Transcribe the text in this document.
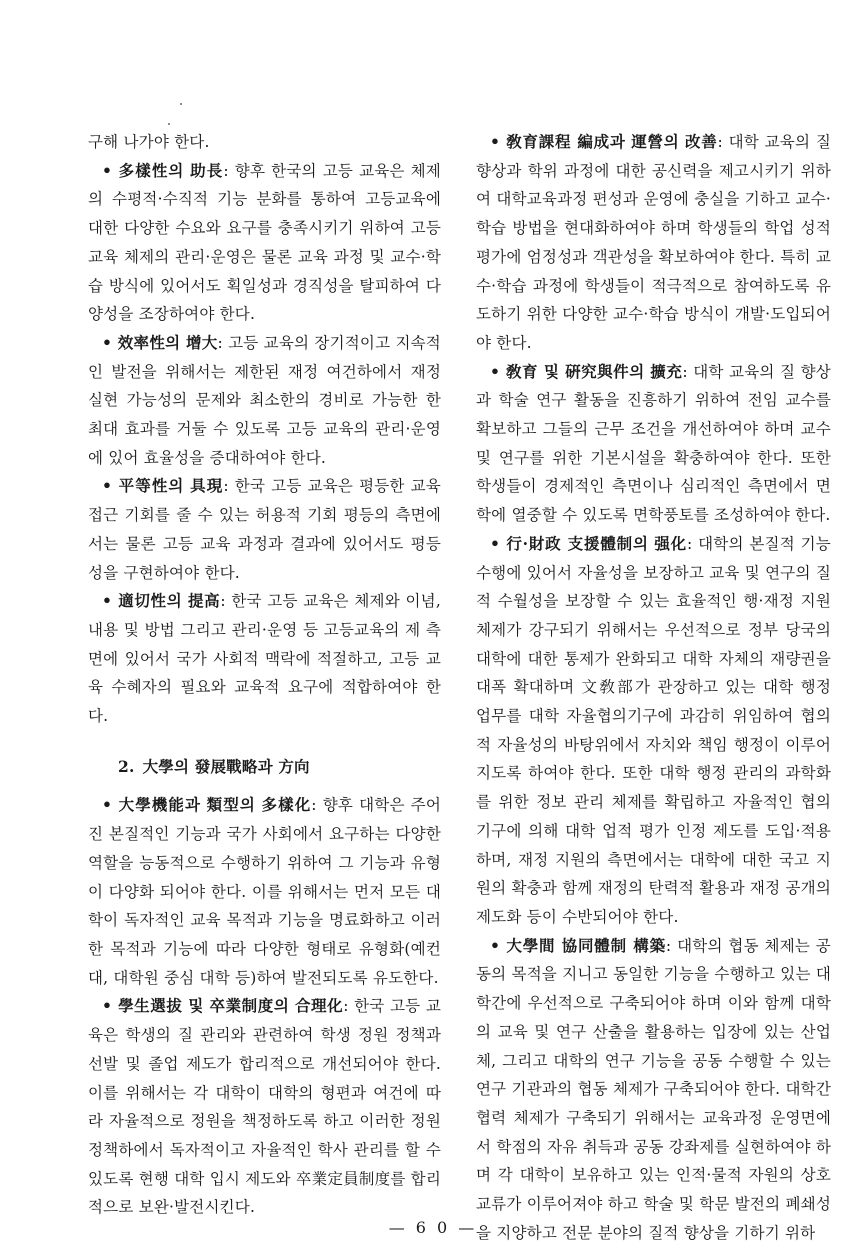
구해 나가야 한다.

• 多樣性의 助長: 향후 한국의 고등 교육은 체제의 수평적·수직적 기능 분화를 통하여 고등교육에 대한 다양한 수요와 요구를 충족시키기 위하여 고등 교육 체제의 관리·운영은 물론 교육 과정 및 교수·학습 방식에 있어서도 획일성과 경직성을 탈피하여 다양성을 조장하여야 한다.

• 效率性의 增大: 고등 교육의 장기적이고 지속적인 발전을 위해서는 제한된 재정 여건하에서 재정 실현 가능성의 문제와 최소한의 경비로 가능한 한 최대 효과를 거둘 수 있도록 고등 교육의 관리·운영에 있어 효율성을 증대하여야 한다.

• 平等性의 具現: 한국 고등 교육은 평등한 교육 접근 기회를 줄 수 있는 허용적 기회 평등의 측면에서는 물론 고등 교육 과정과 결과에 있어서도 평등성을 구현하여야 한다.

• 適切性의 提高: 한국 고등 교육은 체제와 이념, 내용 및 방법 그리고 관리·운영 등 고등교육의 제 측면에 있어서 국가 사회적 맥락에 적절하고, 고등 교육 수혜자의 필요와 교육적 요구에 적합하여야 한다.

2. 大學의 發展戰略과 方向

• 大學機能과 類型의 多樣化: 향후 대학은 주어진 본질적인 기능과 국가 사회에서 요구하는 다양한 역할을 능동적으로 수행하기 위하여 그 기능과 유형이 다양화 되어야 한다. 이를 위해서는 먼저 모든 대학이 독자적인 교육 목적과 기능을 명료화하고 이러한 목적과 기능에 따라 다양한 형태로 유형화(예컨대, 대학원 중심 대학 등)하여 발전되도록 유도한다.

• 學生選拔 및 卒業制度의 合理化: 한국 고등 교육은 학생의 질 관리와 관련하여 학생 정원 정책과 선발 및 졸업 제도가 합리적으로 개선되어야 한다. 이를 위해서는 각 대학이 대학의 형편과 여건에 따라 자율적으로 정원을 책정하도록 하고 이러한 정원 정책하에서 독자적이고 자율적인 학사 관리를 할 수 있도록 현행 대학 입시 제도와 卒業定員制度를 합리적으로 보완·발전시킨다.

• 敎育課程 編成과 運營의 改善: 대학 교육의 질 향상과 학위 과정에 대한 공신력을 제고시키기 위하여 대학교육과정 편성과 운영에 충실을 기하고 교수·학습 방법을 현대화하여야 하며 학생들의 학업 성적 평가에 엄정성과 객관성을 확보하여야 한다. 특히 교수·학습 과정에 학생들이 적극적으로 참여하도록 유도하기 위한 다양한 교수·학습 방식이 개발·도입되어야 한다.

• 敎育 및 硏究與件의 擴充: 대학 교육의 질 향상과 학술 연구 활동을 진흥하기 위하여 전임 교수를 확보하고 그들의 근무 조건을 개선하여야 하며 교수 및 연구를 위한 기본시설을 확충하여야 한다. 또한 학생들이 경제적인 측면이나 심리적인 측면에서 면학에 열중할 수 있도록 면학풍토를 조성하여야 한다.

• 行·財政 支援體制의 强化: 대학의 본질적 기능 수행에 있어서 자율성을 보장하고 교육 및 연구의 질적 수월성을 보장할 수 있는 효율적인 행·재정 지원 체제가 강구되기 위해서는 우선적으로 정부 당국의 대학에 대한 통제가 완화되고 대학 자체의 재량권을 대폭 확대하며 文敎部가 관장하고 있는 대학 행정 업무를 대학 자율협의기구에 과감히 위임하여 협의적 자율성의 바탕위에서 자치와 책임 행정이 이루어지도록 하여야 한다. 또한 대학 행정 관리의 과학화를 위한 정보 관리 체제를 확립하고 자율적인 협의 기구에 의해 대학 업적 평가 인정 제도를 도입·적용하며, 재정 지원의 측면에서는 대학에 대한 국고 지원의 확충과 함께 재정의 탄력적 활용과 재정 공개의 제도화 등이 수반되어야 한다.

• 大學間 協同體制 構築: 대학의 협동 체제는 공동의 목적을 지니고 동일한 기능을 수행하고 있는 대학간에 우선적으로 구축되어야 하며 이와 함께 대학의 교육 및 연구 산출을 활용하는 입장에 있는 산업체, 그리고 대학의 연구 기능을 공동 수행할 수 있는 연구 기관과의 협동 체제가 구축되어야 한다. 대학간 협력 체제가 구축되기 위해서는 교육과정 운영면에서 학점의 자유 취득과 공동 강좌제를 실현하여야 하며 각 대학이 보유하고 있는 인적·물적 자원의 상호 교류가 이루어져야 하고 학술 및 학문 발전의 폐쇄성을 지양하고 전문 분야의 질적 향상을 기하기 위하

— 6 0 —
